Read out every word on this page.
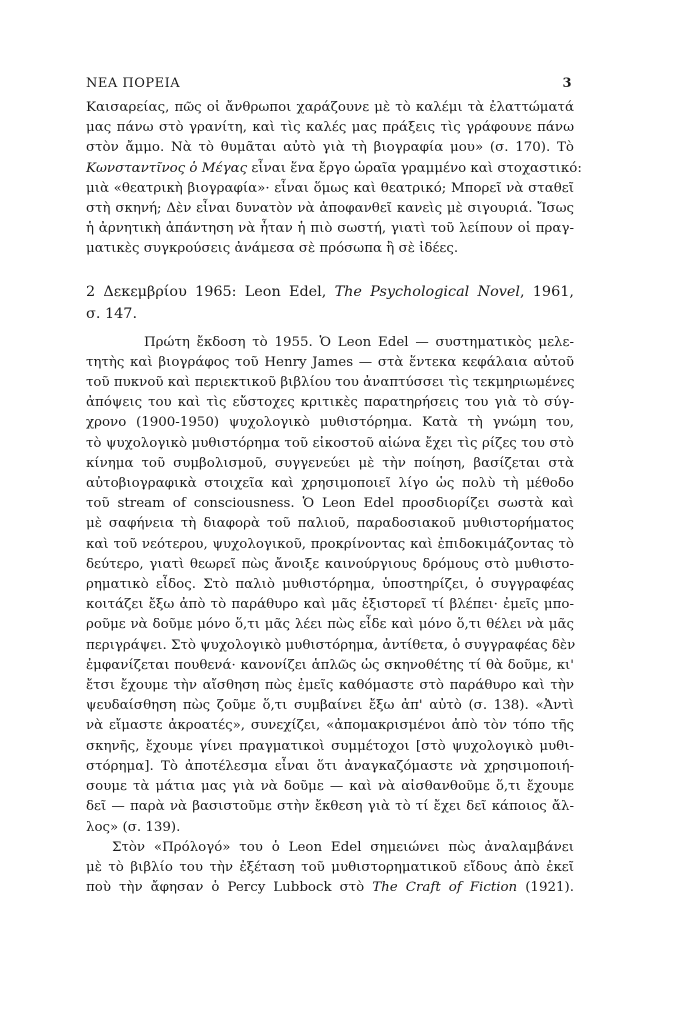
ΝΕΑ ΠΟΡΕΙΑ	3
Καισαρείας, πῶς οἱ ἄνθρωποι χαράζουνε μὲ τὸ καλέμι τὰ ἐλαττώματά
μας πάνω στὸ γρανίτη, καὶ τὶς καλές μας πράξεις τὶς γράφουνε πάνω
στὸν ἄμμο. Νὰ τὸ θυμᾶται αὐτὸ γιὰ τὴ βιογραφία μου» (σ. 170). Τὸ
Κωνσταντῖνος ὁ Μέγας εἶναι ἕνα ἔργο ὡραῖα γραμμένο καὶ στοχαστικό:
μιὰ «θεατρικὴ βιογραφία»· εἶναι ὅμως καὶ θεατρικό; Μπορεῖ νὰ σταθεῖ
στὴ σκηνή; Δὲν εἶναι δυνατὸν νὰ ἀποφανθεῖ κανεὶς μὲ σιγουριά. Ἴσως
ἡ ἀρνητικὴ ἀπάντηση νὰ ἦταν ἡ πιὸ σωστή, γιατὶ τοῦ λείπουν οἱ πραγ-
ματικὲς συγκρούσεις ἀνάμεσα σὲ πρόσωπα ἢ σὲ ἰδέες.
2 Δεκεμβρίου 1965: Leon Edel, The Psychological Novel, 1961,
σ. 147.
Πρώτη ἔκδοση τὸ 1955. Ὁ Leon Edel — συστηματικὸς μελε-
τητὴς καὶ βιογράφος τοῦ Henry James — στὰ ἕντεκα κεφάλαια αὐτοῦ
τοῦ πυκνοῦ καὶ περιεκτικοῦ βιβλίου του ἀναπτύσσει τὶς τεκμηριωμένες
ἀπόψεις του καὶ τὶς εὔστοχες κριτικὲς παρατηρήσεις του γιὰ τὸ σύγ-
χρονο (1900-1950) ψυχολογικὸ μυθιστόρημα. Κατὰ τὴ γνώμη του,
τὸ ψυχολογικὸ μυθιστόρημα τοῦ εἰκοστοῦ αἰώνα ἔχει τὶς ρίζες του στὸ
κίνημα τοῦ συμβολισμοῦ, συγγενεύει μὲ τὴν ποίηση, βασίζεται στὰ
αὐτοβιογραφικὰ στοιχεῖα καὶ χρησιμοποιεῖ λίγο ὡς πολὺ τὴ μέθοδο
τοῦ stream of consciousness. Ὁ Leon Edel προσδιορίζει σωστὰ καὶ
μὲ σαφήνεια τὴ διαφορὰ τοῦ παλιοῦ, παραδοσιακοῦ μυθιστορήματος
καὶ τοῦ νεότερου, ψυχολογικοῦ, προκρίνοντας καὶ ἐπιδοκιμάζοντας τὸ
δεύτερο, γιατὶ θεωρεῖ πὼς ἄνοιξε καινούργιους δρόμους στὸ μυθιστο-
ρηματικὸ εἶδος. Στὸ παλιὸ μυθιστόρημα, ὑποστηρίζει, ὁ συγγραφέας
κοιτάζει ἔξω ἀπὸ τὸ παράθυρο καὶ μᾶς ἐξιστορεῖ τί βλέπει· ἐμεῖς μπο-
ροῦμε νὰ δοῦμε μόνο ὅ,τι μᾶς λέει πὼς εἶδε καὶ μόνο ὅ,τι θέλει νὰ μᾶς
περιγράψει. Στὸ ψυχολογικὸ μυθιστόρημα, ἀντίθετα, ὁ συγγραφέας δὲν
ἐμφανίζεται πουθενά· κανονίζει ἁπλῶς ὡς σκηνοθέτης τί θὰ δοῦμε, κι'
ἔτσι ἔχουμε τὴν αἴσθηση πὼς ἐμεῖς καθόμαστε στὸ παράθυρο καὶ τὴν
ψευδαίσθηση πὼς ζοῦμε ὅ,τι συμβαίνει ἔξω ἀπ' αὐτὸ (σ. 138). «Ἀντὶ
νὰ εἴμαστε ἀκροατές», συνεχίζει, «ἀπομακρισμένοι ἀπὸ τὸν τόπο τῆς
σκηνῆς, ἔχουμε γίνει πραγματικοὶ συμμέτοχοι [στὸ ψυχολογικὸ μυθι-
στόρημα]. Τὸ ἀποτέλεσμα εἶναι ὅτι ἀναγκαζόμαστε νὰ χρησιμοποιή-
σουμε τὰ μάτια μας γιὰ νὰ δοῦμε — καὶ νὰ αἰσθανθοῦμε ὅ,τι ἔχουμε
δεῖ — παρὰ νὰ βασιστοῦμε στὴν ἔκθεση γιὰ τὸ τί ἔχει δεῖ κάποιος ἄλ-
λος» (σ. 139).
Στὸν «Πρόλογό» του ὁ Leon Edel σημειώνει πὼς ἀναλαμβάνει
μὲ τὸ βιβλίο του τὴν ἐξέταση τοῦ μυθιστορηματικοῦ εἴδους ἀπὸ ἐκεῖ
ποὺ τὴν ἄφησαν ὁ Percy Lubbock στὸ The Craft of Fiction (1921).
